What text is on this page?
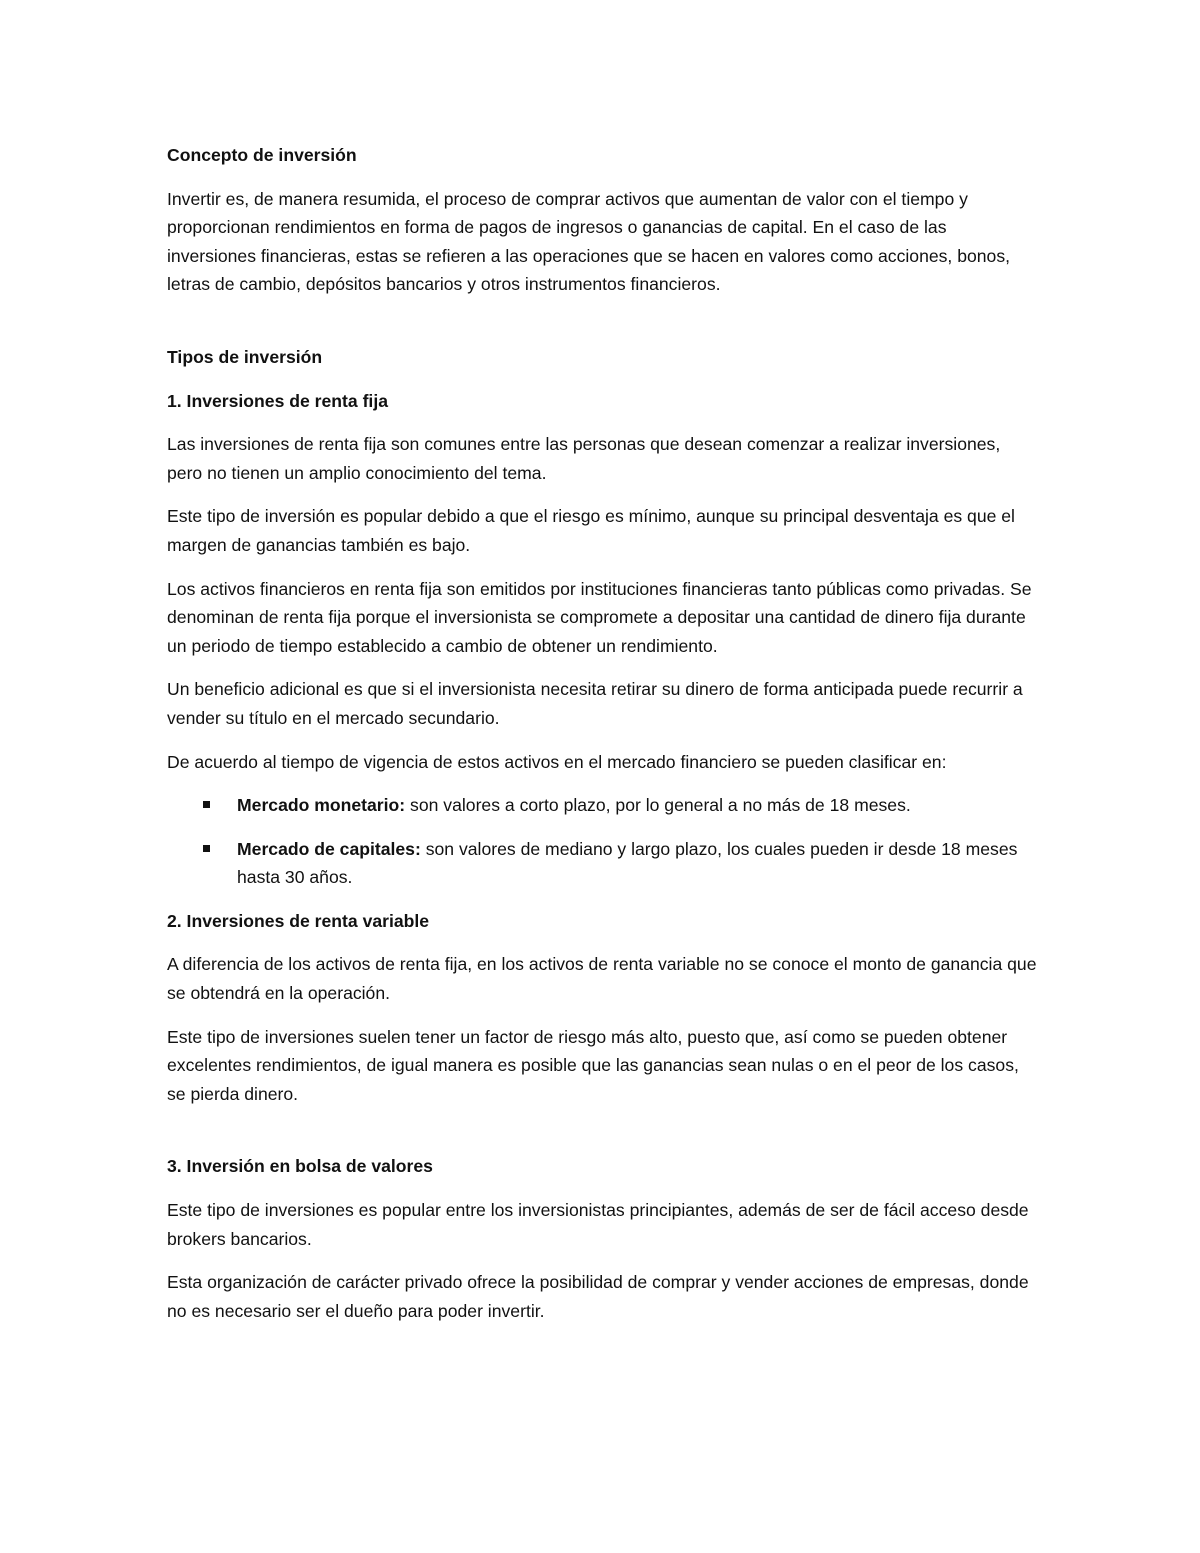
Concepto de inversión

Invertir es, de manera resumida, el proceso de comprar activos que aumentan de valor con el tiempo y proporcionan rendimientos en forma de pagos de ingresos o ganancias de capital. En el caso de las inversiones financieras, estas se refieren a las operaciones que se hacen en valores como acciones, bonos, letras de cambio, depósitos bancarios y otros instrumentos financieros.

Tipos de inversión

1. Inversiones de renta fija

Las inversiones de renta fija son comunes entre las personas que desean comenzar a realizar inversiones, pero no tienen un amplio conocimiento del tema.

Este tipo de inversión es popular debido a que el riesgo es mínimo, aunque su principal desventaja es que el margen de ganancias también es bajo.

Los activos financieros en renta fija son emitidos por instituciones financieras tanto públicas como privadas. Se denominan de renta fija porque el inversionista se compromete a depositar una cantidad de dinero fija durante un periodo de tiempo establecido a cambio de obtener un rendimiento.

Un beneficio adicional es que si el inversionista necesita retirar su dinero de forma anticipada puede recurrir a vender su título en el mercado secundario.

De acuerdo al tiempo de vigencia de estos activos en el mercado financiero se pueden clasificar en:

Mercado monetario: son valores a corto plazo, por lo general a no más de 18 meses.
Mercado de capitales: son valores de mediano y largo plazo, los cuales pueden ir desde 18 meses hasta 30 años.

2. Inversiones de renta variable

A diferencia de los activos de renta fija, en los activos de renta variable no se conoce el monto de ganancia que se obtendrá en la operación.

Este tipo de inversiones suelen tener un factor de riesgo más alto, puesto que, así como se pueden obtener excelentes rendimientos, de igual manera es posible que las ganancias sean nulas o en el peor de los casos, se pierda dinero.

3. Inversión en bolsa de valores

Este tipo de inversiones es popular entre los inversionistas principiantes, además de ser de fácil acceso desde brokers bancarios.

Esta organización de carácter privado ofrece la posibilidad de comprar y vender acciones de empresas, donde no es necesario ser el dueño para poder invertir.
